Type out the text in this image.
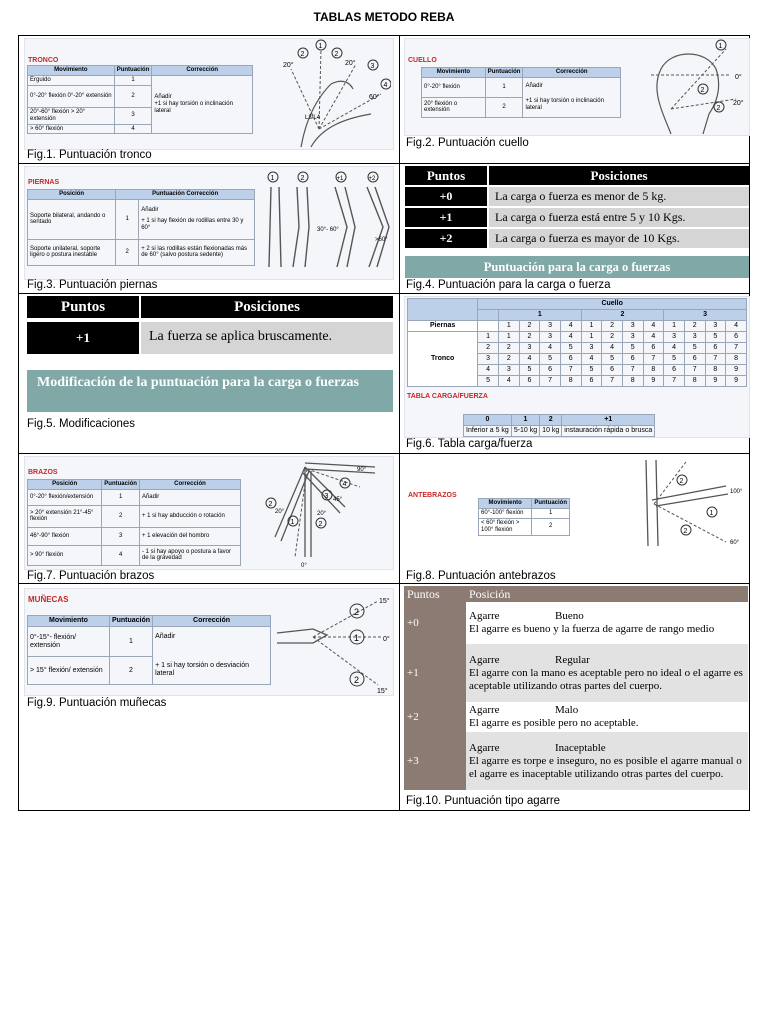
TABLAS METODO REBA
TRONCO
Movimiento	Puntuación	Corrección
Erguido	1	Añadir
+1 si hay torsión o inclinación lateral

0°-20° flexión 0°-20° extensión	2	
20°-60° flexión > 20° extensión	3	
> 60° flexión	4	
1
2	2
3
4
20°	20°
60°
L3/L4
Fig.1. Puntuación tronco
CUELLO
Movimiento	Puntuación	Corrección
0°-20° flexión	1	Añadir
+1 si hay torsión o inclinación lateral

20° flexión o extensión	2	
1
2
2
0°
20°
Fig.2. Puntuación cuello
PIERNAS
Posición	Puntuación Corrección	
Soporte bilateral, andando o sentado	1	Añadir
+ 1 si hay flexión de rodillas entre 30 y 60°

Soporte unilateral, soporte ligero o postura inestable	2	+ 2 si las rodillas están flexionadas más de 60° (salvo postura sedente)
1	2	+1	+2
30°- 60°
>60°
Fig.3. Puntuación piernas
Puntos	Posiciones
+0	La carga o fuerza es menor de 5 kg.
+1	La carga o fuerza está entre 5 y 10 Kgs.
+2	La carga o fuerza es mayor de 10 Kgs.
Puntuación para la carga o fuerzas
Fig.4. Puntuación para la carga o fuerza
Puntos	Posiciones
+1	La fuerza se aplica bruscamente.
Modificación de la puntuación para la carga o fuerzas
Fig.5. Modificaciones
	Cuello												
		1				2				3			
Piernas		1	2	3	4	1	2	3	4	1	2	3	4
Tronco	1	1	2	3	4	1	2	3	4	3	3	5	6
	2	2	3	4	5	3	4	5	6	4	5	6	7
	3	2	4	5	6	4	5	6	7	5	6	7	8
	4	3	5	6	7	5	6	7	8	6	7	8	9
	5	4	6	7	8	6	7	8	9	7	8	9	9
TABLA CARGA/FUERZA
0	1	2	+1
Inferior a 5 kg	5-10 kg	10 kg	instauración rápida o brusca
Fig.6. Tabla carga/fuerza
BRAZOS
Posición	Puntuación	Corrección
0°-20° flexión/extensión	1	Añadir
> 20° extensión 21°-45° flexión	2	+ 1 si hay abducción o rotación
46°-90° flexión	3	+ 1 elevación del hombro
> 90° flexión	4	- 1 si hay apoyo o postura a favor de la gravedad
90°
45°
20°
20°
0°
4
3
2
1
2
Fig.7. Puntuación brazos
ANTEBRAZOS
Movimiento	Puntuación
60°-100° flexión	1
< 60° flexión > 100° flexión	2
100°
60°
2
1
2
Fig.8. Puntuación antebrazos
MUÑECAS
Movimiento	Puntuación	Corrección
0°-15°- flexión/ extensión	1	Añadir
+ 1 si hay torsión o desviación lateral

> 15° flexión/ extensión	2	
15°
0°
15°
2
1
2
Fig.9. Puntuación muñecas
Puntos	Posición
+0	Agarre Bueno
El agarre es bueno y la fuerza de agarre de rango medio

+1	Agarre Regular
El agarre con la mano es aceptable pero no ideal o el agarre es aceptable utilizando otras partes del cuerpo.

+2	Agarre Malo
El agarre es posible pero no aceptable.

+3	Agarre Inaceptable
El agarre es torpe e inseguro, no es posible el agarre manual o el agarre es inaceptable utilizando otras partes del cuerpo.
Fig.10. Puntuación tipo agarre
